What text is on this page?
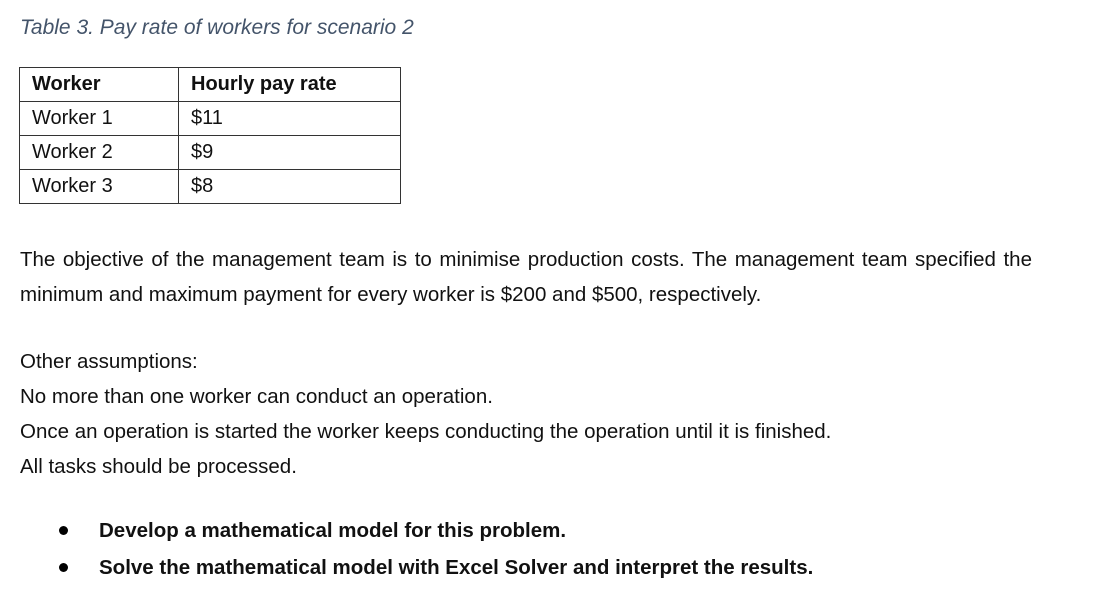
Table 3. Pay rate of workers for scenario 2
Worker	Hourly pay rate
Worker 1	$11
Worker 2	$9
Worker 3	$8
The objective of the management team is to minimise production costs. The management team specified the minimum and maximum payment for every worker is $200 and $500, respectively.
Other assumptions:
No more than one worker can conduct an operation.
Once an operation is started the worker keeps conducting the operation until it is finished.
All tasks should be processed.
Develop a mathematical model for this problem.
Solve the mathematical model with Excel Solver and interpret the results.
